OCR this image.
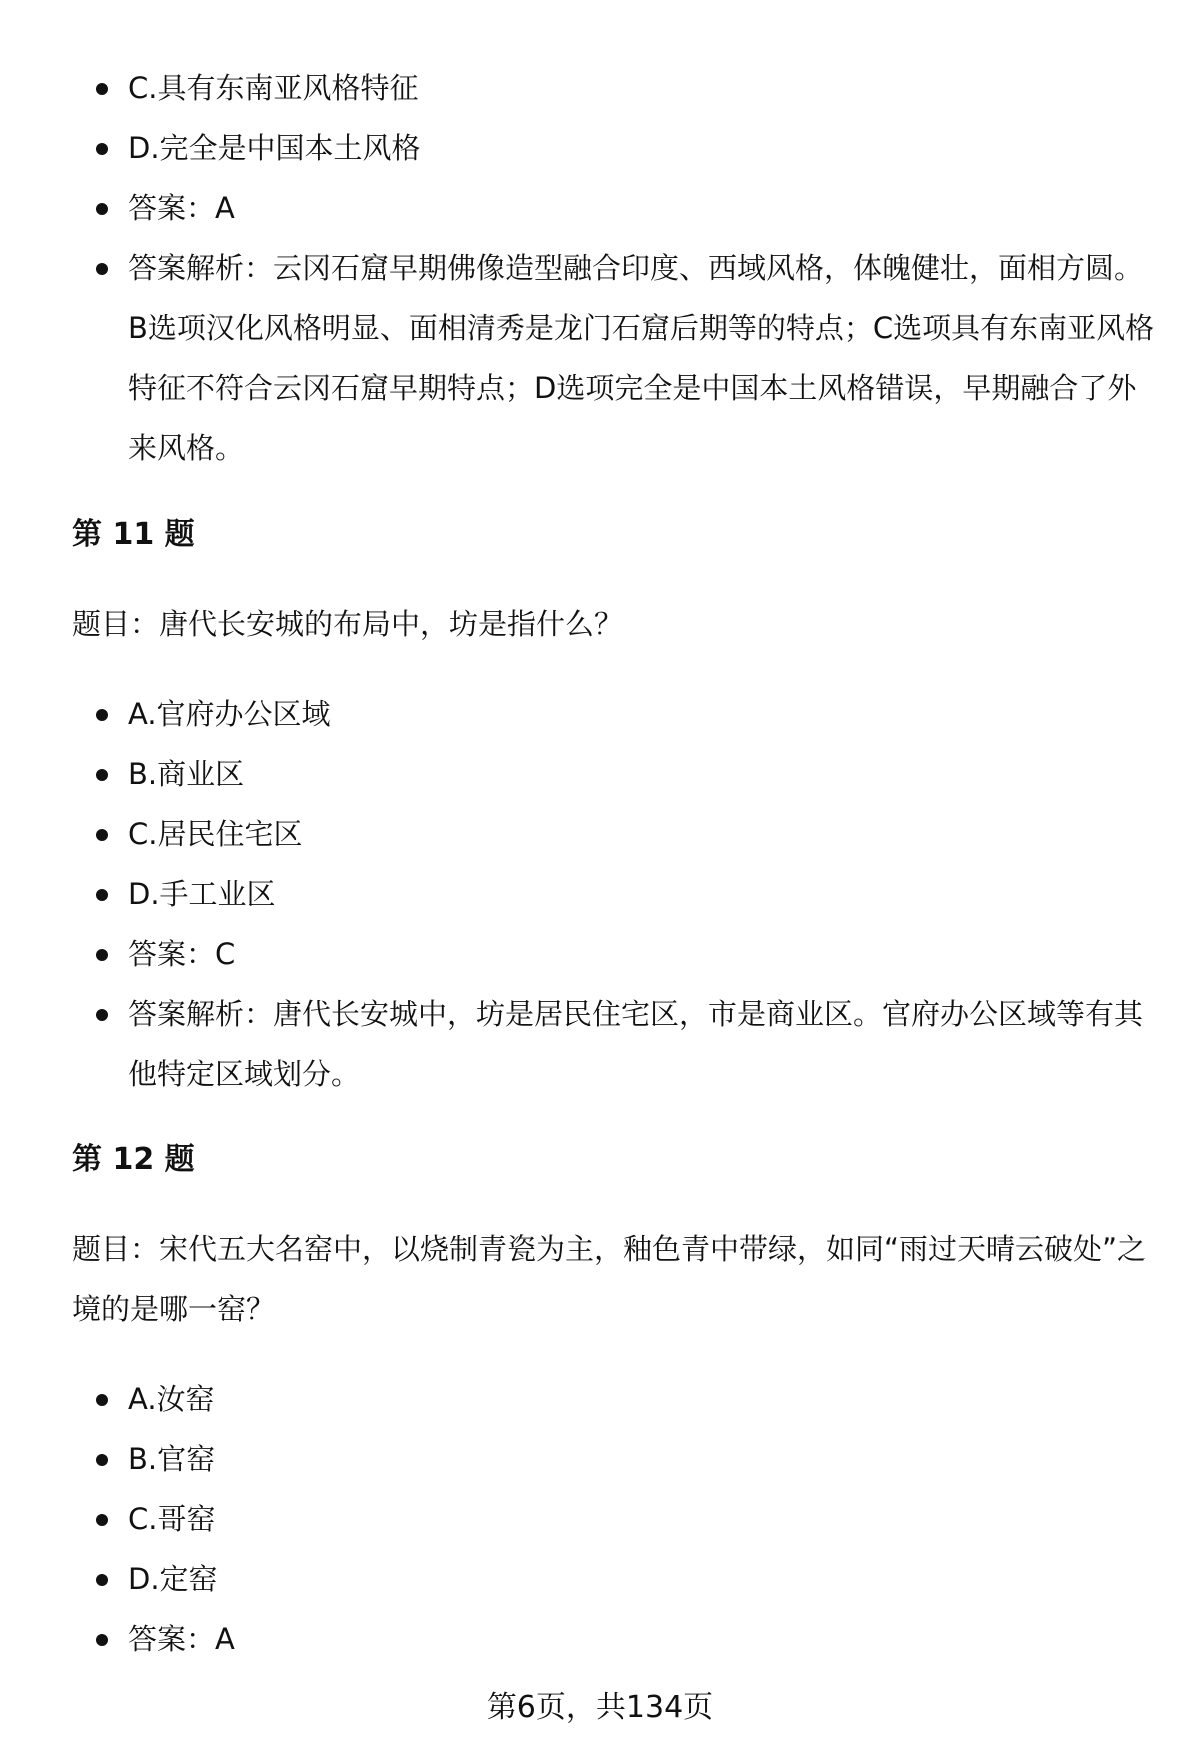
C.具有东南亚风格特征
D.完全是中国本土风格
答案：A
答案解析：云冈石窟早期佛像造型融合印度、西域风格，体魄健壮，面相方圆。B选项汉化风格明显、面相清秀是龙门石窟后期等的特点；C选项具有东南亚风格特征不符合云冈石窟早期特点；D选项完全是中国本土风格错误，早期融合了外来风格。
第 11 题
题目：唐代长安城的布局中，坊是指什么？
A.官府办公区域
B.商业区
C.居民住宅区
D.手工业区
答案：C
答案解析：唐代长安城中，坊是居民住宅区，市是商业区。官府办公区域等有其他特定区域划分。
第 12 题
题目：宋代五大名窑中，以烧制青瓷为主，釉色青中带绿，如同“雨过天晴云破处”之境的是哪一窑？
A.汝窑
B.官窑
C.哥窑
D.定窑
答案：A
第6页，共134页
